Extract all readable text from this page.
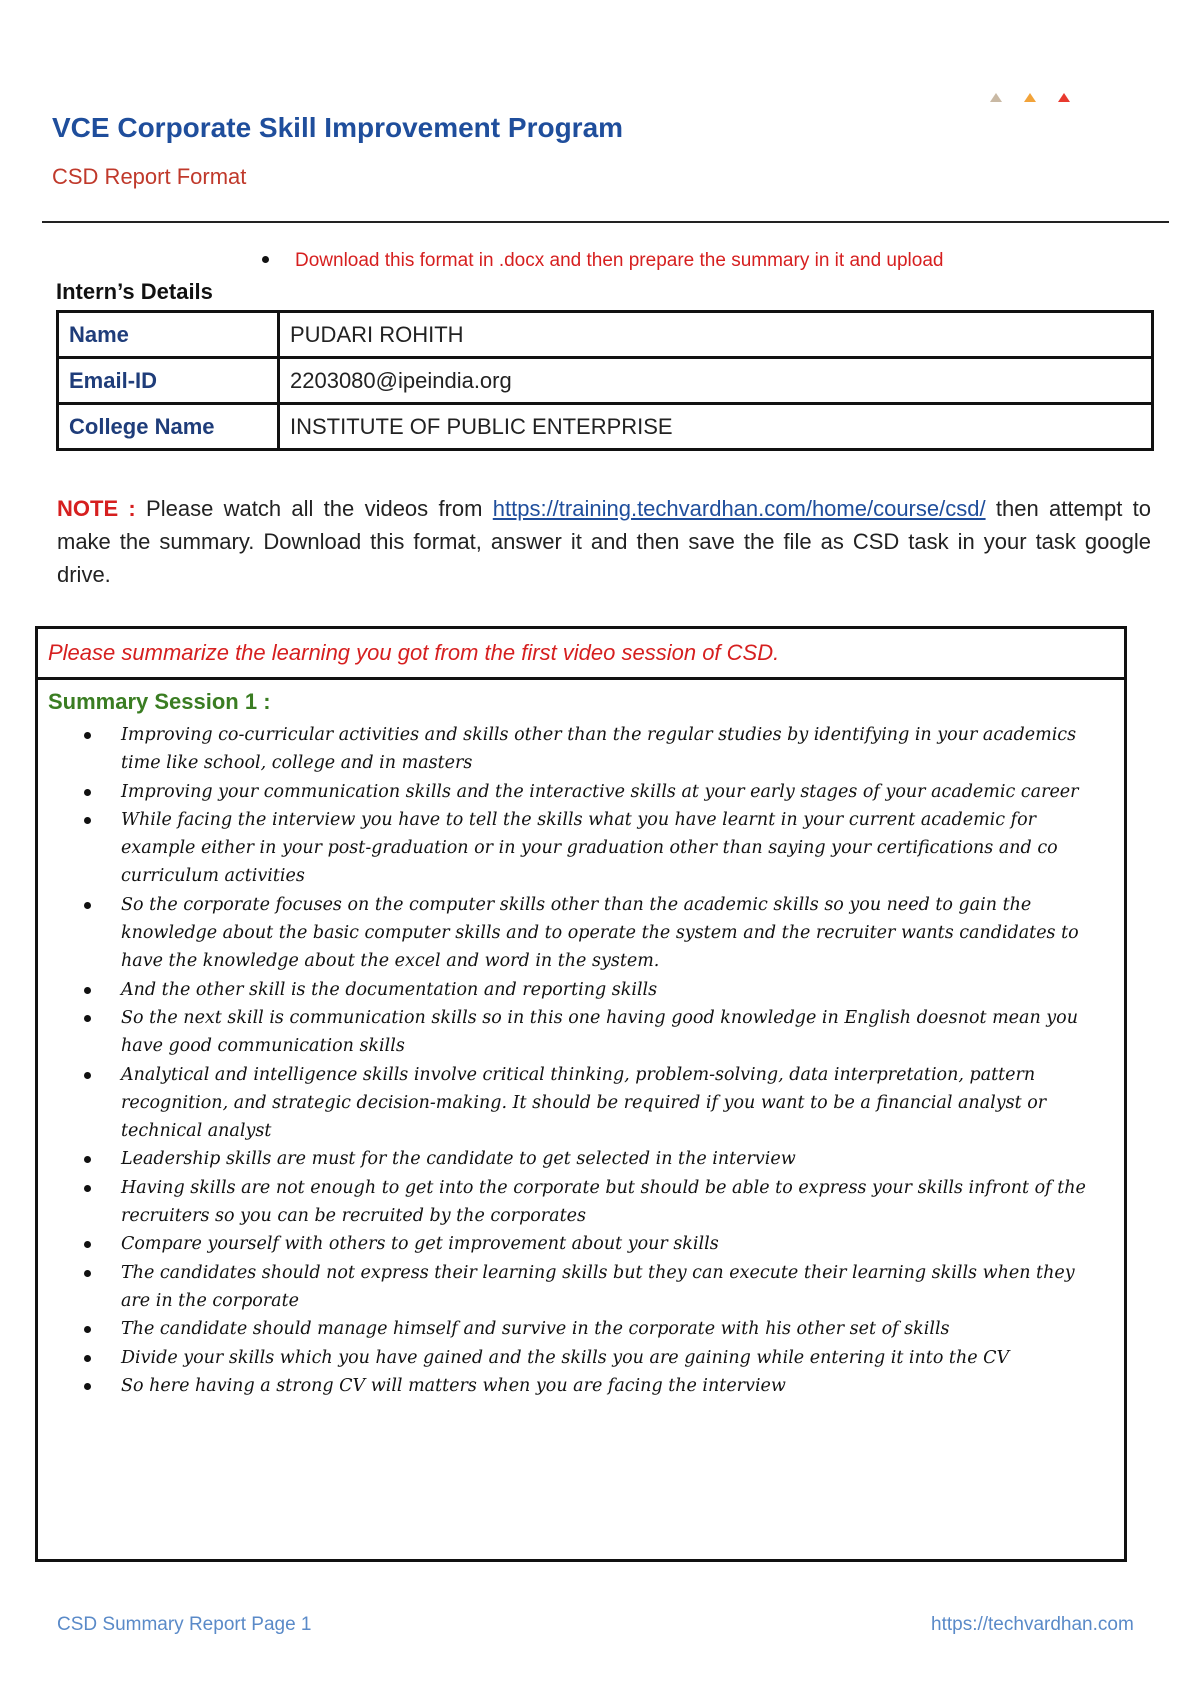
VCE Corporate Skill Improvement Program
CSD Report Format
Download this format in .docx and then prepare the summary in it and upload
Intern’s Details
Name	PUDARI ROHITH
Email-ID	2203080@ipeindia.org
College Name	INSTITUTE OF PUBLIC ENTERPRISE
NOTE : Please watch all the videos from https://training.techvardhan.com/home/course/csd/ then attempt to make the summary. Download this format, answer it and then save the file as CSD task in your task google drive.
Please summarize the learning you got from the first video session of CSD.
Summary Session 1 :
Improving co-curricular activities and skills other than the regular studies by identifying in your academics time like school, college and in masters
Improving your communication skills and the interactive skills at your early stages of your academic career
While facing the interview you have to tell the skills what you have learnt in your current academic for example either in your post-graduation or in your graduation other than saying your certifications and co curriculum activities
So the corporate focuses on the computer skills other than the academic skills so you need to gain the knowledge about the basic computer skills and to operate the system and the recruiter wants candidates to have the knowledge about the excel and word in the system.
And the other skill is the documentation and reporting skills
So the next skill is communication skills so in this one having good knowledge in English doesnot mean you have good communication skills
Analytical and intelligence skills involve critical thinking, problem-solving, data interpretation, pattern recognition, and strategic decision-making. It should be required if you want to be a financial analyst or technical analyst
Leadership skills are must for the candidate to get selected in the interview
Having skills are not enough to get into the corporate but should be able to express your skills infront of the recruiters so you can be recruited by the corporates
Compare yourself with others to get improvement about your skills
The candidates should not express their learning skills but they can execute their learning skills when they are in the corporate
The candidate should manage himself and survive in the corporate with his other set of skills
Divide your skills which you have gained and the skills you are gaining while entering it into the CV
So here having a strong CV will matters when you are facing the interview
CSD Summary Report Page 1	https://techvardhan.com
